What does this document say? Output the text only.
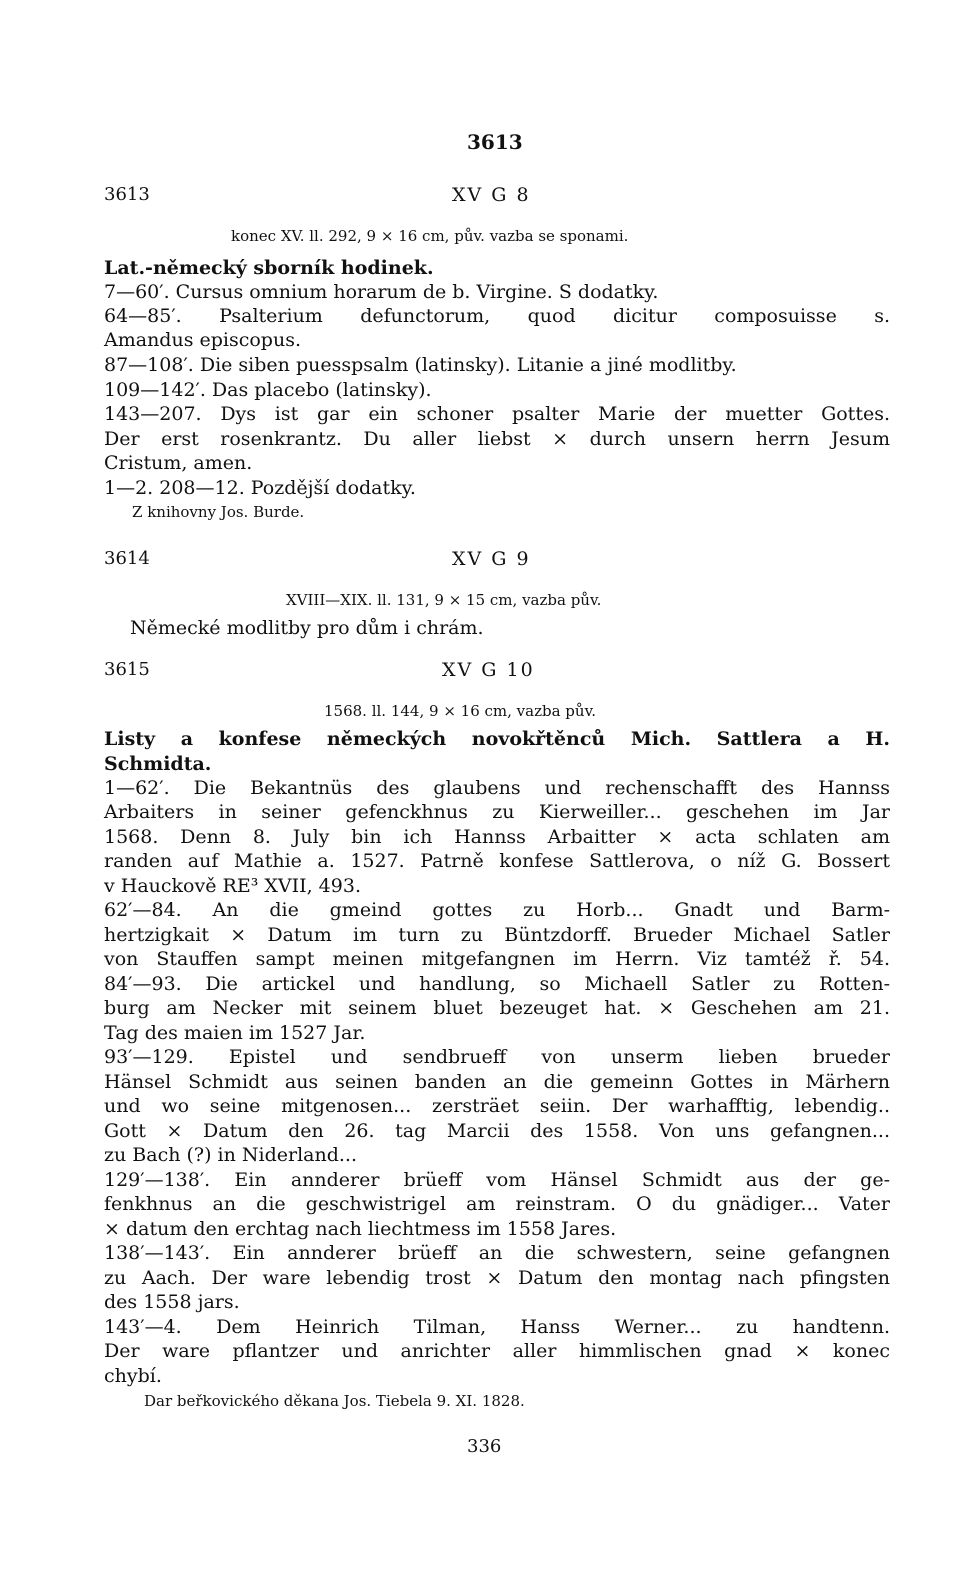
3613
3613	XV G 8
konec XV. ll. 292, 9 × 16 cm, pův. vazba se sponami.
Lat.-německý sborník hodinek.
7—60′. Cursus omnium horarum de b. Virgine. S dodatky.
64—85′. Psalterium defunctorum, quod dicitur composuisse s.
Amandus episcopus.
87—108′. Die siben puesspsalm (latinsky). Litanie a jiné modlitby.
109—142′. Das placebo (latinsky).
143—207. Dys ist gar ein schoner psalter Marie der muetter Gottes.
Der erst rosenkrantz. Du aller liebst × durch unsern herrn Jesum
Cristum, amen.
1—2. 208—12. Pozdější dodatky.
Z knihovny Jos. Burde.
3614	XV G 9
XVIII—XIX. ll. 131, 9 × 15 cm, vazba pův.
Německé modlitby pro dům i chrám.
3615	XV G 10
1568. ll. 144, 9 × 16 cm, vazba pův.
Listy a konfese německých novokřtěnců Mich. Sattlera a H.
Schmidta.
1—62′. Die Bekantnüs des glaubens und rechenschafft des Hannss
Arbaiters in seiner gefenckhnus zu Kierweiller... geschehen im Jar
1568. Denn 8. July bin ich Hannss Arbaitter × acta schlaten am
randen auf Mathie a. 1527. Patrně konfese Sattlerova, o níž G. Bossert
v Hauckově RE³ XVII, 493.
62′—84. An die gmeind gottes zu Horb... Gnadt und Barm-
hertzigkait × Datum im turn zu Büntzdorff. Brueder Michael Satler
von Stauffen sampt meinen mitgefangnen im Herrn. Viz tamtéž ř. 54.
84′—93. Die artickel und handlung, so Michaell Satler zu Rotten-
burg am Necker mit seinem bluet bezeuget hat. × Geschehen am 21.
Tag des maien im 1527 Jar.
93′—129. Epistel und sendbrueff von unserm lieben brueder
Hänsel Schmidt aus seinen banden an die gemeinn Gottes in Märhern
und wo seine mitgenosen... zersträet seiin. Der warhafftig, lebendig..
Gott × Datum den 26. tag Marcii des 1558. Von uns gefangnen...
zu Bach (?) in Niderland...
129′—138′. Ein annderer brüeff vom Hänsel Schmidt aus der ge-
fenkhnus an die geschwistrigel am reinstram. O du gnädiger... Vater
× datum den erchtag nach liechtmess im 1558 Jares.
138′—143′. Ein annderer brüeff an die schwestern, seine gefangnen
zu Aach. Der ware lebendig trost × Datum den montag nach pfingsten
des 1558 jars.
143′—4. Dem Heinrich Tilman, Hanss Werner... zu handtenn.
Der ware pflantzer und anrichter aller himmlischen gnad × konec
chybí.
Dar beřkovického děkana Jos. Tiebela 9. XI. 1828.
336
